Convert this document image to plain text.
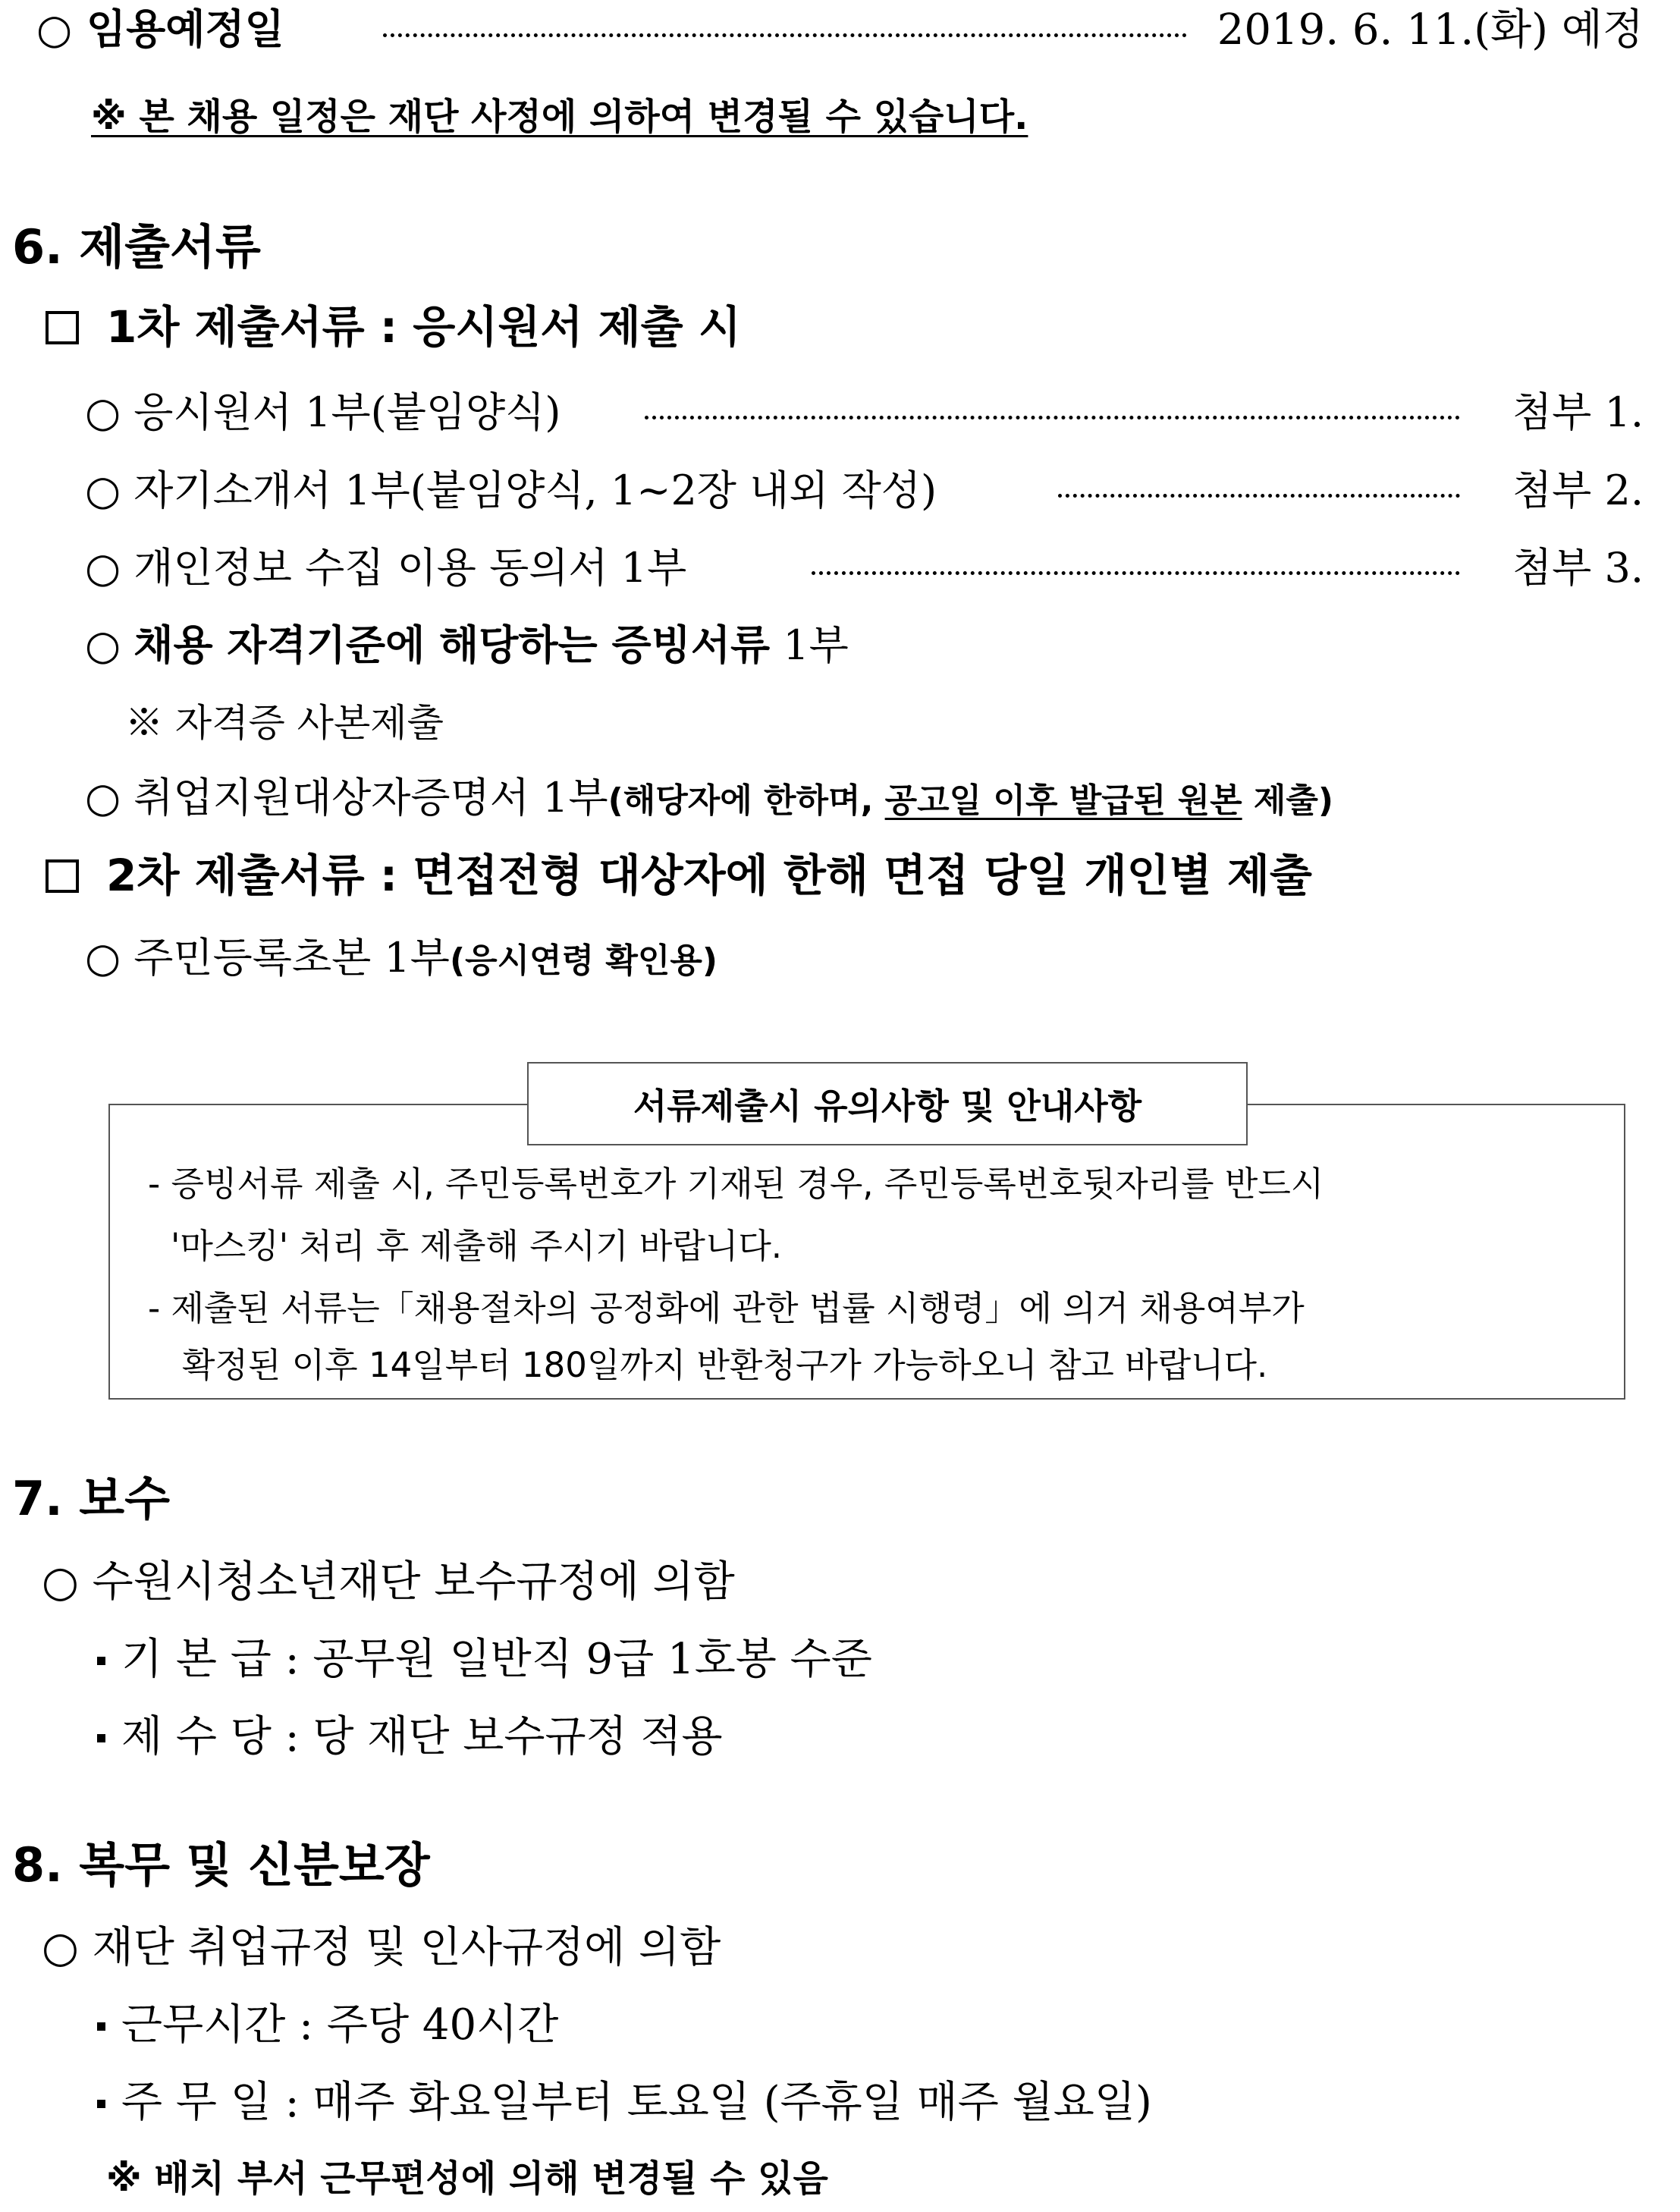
○ 임용예정일	2019. 6. 11.(화) 예정
※ 본 채용 일정은 재단 사정에 의하여 변경될 수 있습니다.
6. 제출서류
1차 제출서류 : 응시원서 제출 시
○ 응시원서 1부(붙임양식)	첨부 1.
○ 자기소개서 1부(붙임양식, 1~2장 내외 작성)	첨부 2.
○ 개인정보 수집 이용 동의서 1부	첨부 3.
○ 채용 자격기준에 해당하는 증빙서류 1부
※ 자격증 사본제출
○ 취업지원대상자증명서 1부(해당자에 한하며, 공고일 이후 발급된 원본 제출)
2차 제출서류 : 면접전형 대상자에 한해 면접 당일 개인별 제출
○ 주민등록초본 1부(응시연령 확인용)
서류제출시 유의사항 및 안내사항
- 증빙서류 제출 시, 주민등록번호가 기재된 경우, 주민등록번호뒷자리를 반드시
'마스킹' 처리 후 제출해 주시기 바랍니다.
- 제출된 서류는「채용절차의 공정화에 관한 법률 시행령」에 의거 채용여부가
확정된 이후 14일부터 180일까지 반환청구가 가능하오니 참고 바랍니다.
7. 보수
○ 수원시청소년재단 보수규정에 의함
기 본 급 : 공무원 일반직 9급 1호봉 수준
제 수 당 : 당 재단 보수규정 적용
8. 복무 및 신분보장
○ 재단 취업규정 및 인사규정에 의함
근무시간 : 주당 40시간
주 무 일 : 매주 화요일부터 토요일 (주휴일 매주 월요일)
※ 배치 부서 근무편성에 의해 변경될 수 있음
